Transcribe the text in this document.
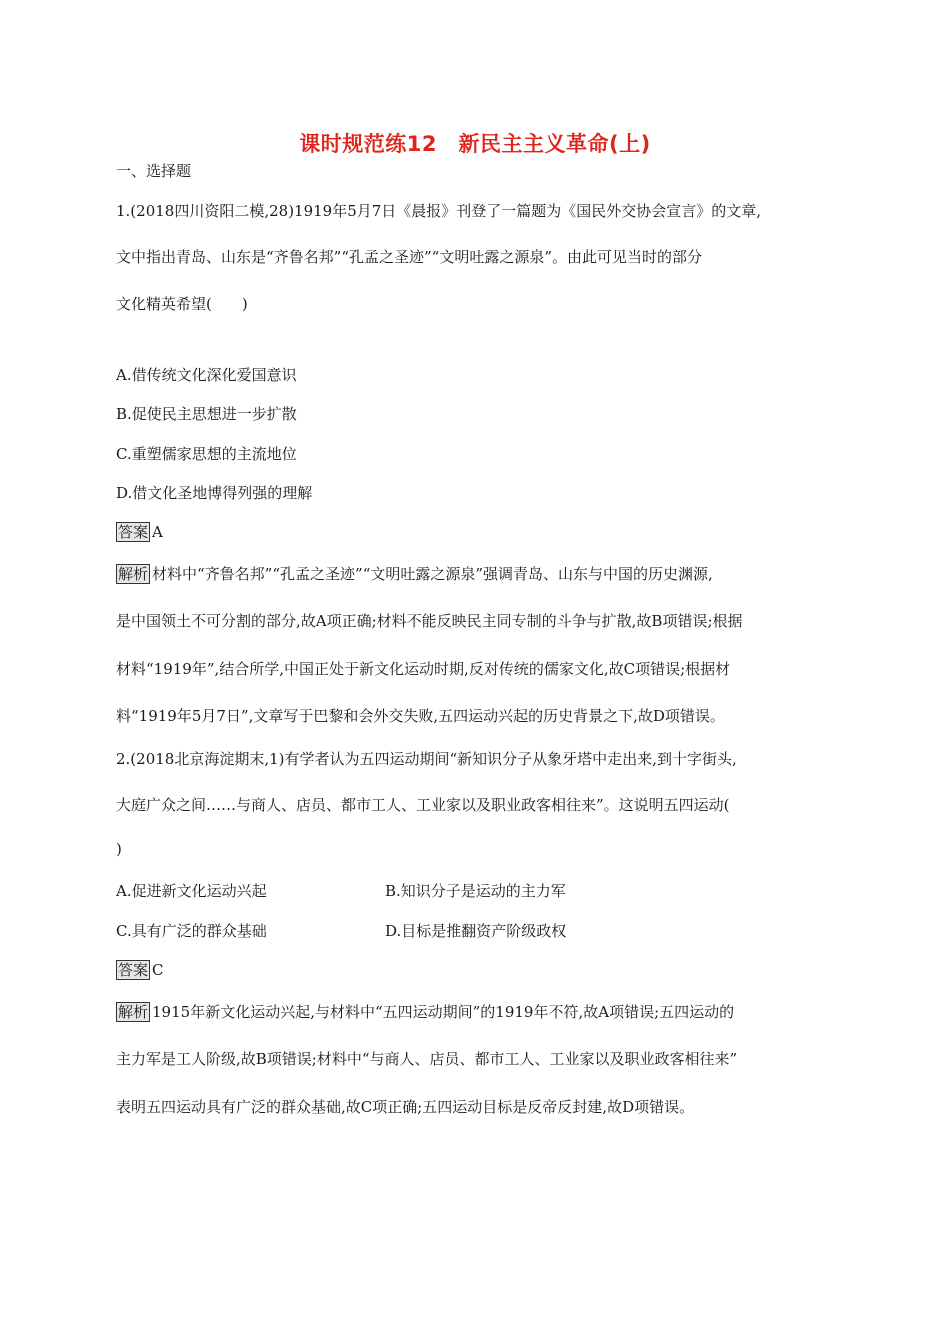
课时规范练12　新民主主义革命(上)
一、选择题
1.(2018四川资阳二模,28)1919年5月7日《晨报》刊登了一篇题为《国民外交协会宣言》的文章,
文中指出青岛、山东是“齐鲁名邦”“孔孟之圣迹”“文明吐露之源泉”。由此可见当时的部分
文化精英希望(　　)
A.借传统文化深化爱国意识
B.促使民主思想进一步扩散
C.重塑儒家思想的主流地位
D.借文化圣地博得列强的理解
答案 A
解析 材料中“齐鲁名邦”“孔孟之圣迹”“文明吐露之源泉”强调青岛、山东与中国的历史渊源,
是中国领土不可分割的部分,故A项正确;材料不能反映民主同专制的斗争与扩散,故B项错误;根据
材料“1919年”,结合所学,中国正处于新文化运动时期,反对传统的儒家文化,故C项错误;根据材
料“1919年5月7日”,文章写于巴黎和会外交失败,五四运动兴起的历史背景之下,故D项错误。
2.(2018北京海淀期末,1)有学者认为五四运动期间“新知识分子从象牙塔中走出来,到十字街头,
大庭广众之间……与商人、店员、都市工人、工业家以及职业政客相往来”。这说明五四运动(
)
A.促进新文化运动兴起	B.知识分子是运动的主力军
C.具有广泛的群众基础	D.目标是推翻资产阶级政权
答案 C
解析 1915年新文化运动兴起,与材料中“五四运动期间”的1919年不符,故A项错误;五四运动的
主力军是工人阶级,故B项错误;材料中“与商人、店员、都市工人、工业家以及职业政客相往来”
表明五四运动具有广泛的群众基础,故C项正确;五四运动目标是反帝反封建,故D项错误。
